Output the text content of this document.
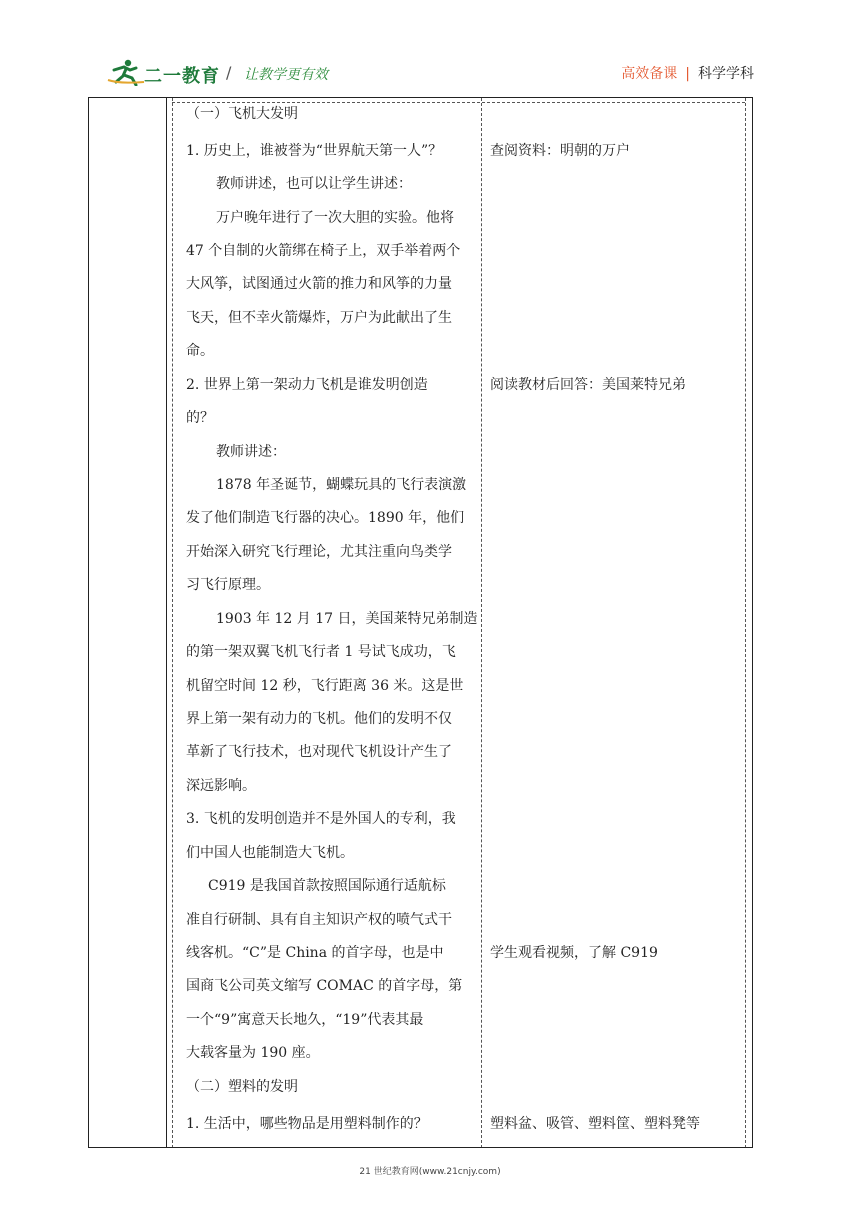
二一教育 / 让教学更有效	高效备课 | 科学学科
（一）飞机大发明
1. 历史上，谁被誉为“世界航天第一人”？
教师讲述，也可以让学生讲述：
万户晚年进行了一次大胆的实验。他将
47 个自制的火箭绑在椅子上，双手举着两个
大风筝，试图通过火箭的推力和风筝的力量
飞天，但不幸火箭爆炸，万户为此献出了生
命。
2. 世界上第一架动力飞机是谁发明创造
的？
教师讲述：
1878 年圣诞节，蝴蝶玩具的飞行表演激
发了他们制造飞行器的决心。1890 年，他们
开始深入研究飞行理论，尤其注重向鸟类学
习飞行原理。
1903 年 12 月 17 日，美国莱特兄弟制造
的第一架双翼飞机飞行者 1 号试飞成功，飞
机留空时间 12 秒，飞行距离 36 米。这是世
界上第一架有动力的飞机。他们的发明不仅
革新了飞行技术，也对现代飞机设计产生了
深远影响。
3. 飞机的发明创造并不是外国人的专利，我
们中国人也能制造大飞机。
C919 是我国首款按照国际通行适航标
准自行研制、具有自主知识产权的喷气式干
线客机。“C”是 China 的首字母，也是中
国商飞公司英文缩写 COMAC 的首字母，第
一个“9”寓意天长地久，“19”代表其最
大载客量为 190 座。
（二）塑料的发明
1. 生活中，哪些物品是用塑料制作的？
查阅资料：明朝的万户
阅读教材后回答：美国莱特兄弟
学生观看视频，了解 C919
塑料盆、吸管、塑料筐、塑料凳等
21 世纪教育网(www.21cnjy.com)
